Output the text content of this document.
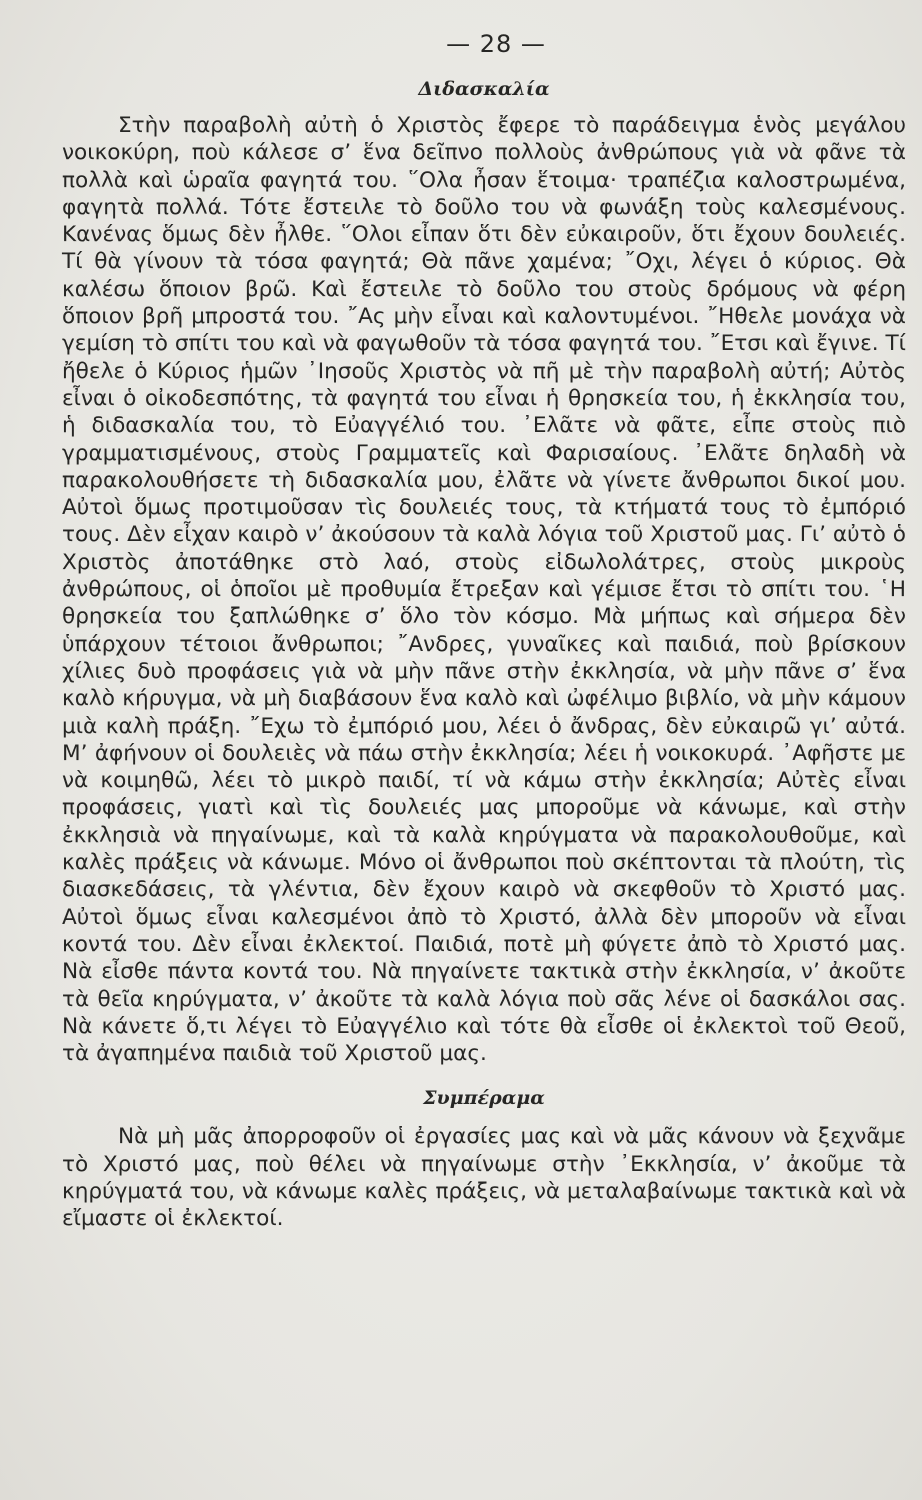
— 28 —
Διδασκαλία

Στὴν παραβολὴ αὐτὴ ὁ Χριστὸς ἔφερε τὸ παράδειγμα ἑνὸς μεγάλου νοικοκύρη, ποὺ κάλεσε σ’ ἕνα δεῖπνο πολλοὺς ἀνθρώπους γιὰ νὰ φᾶνε τὰ πολλὰ καὶ ὡραῖα φαγητά του. ῞Ολα ἦσαν ἕτοιμα· τραπέζια καλοστρωμένα, φαγητὰ πολλά. Τότε ἔστειλε τὸ δοῦλο του νὰ φωνάξη τοὺς καλεσμένους. Κανένας ὅμως δὲν ἦλθε. ῞Ολοι εἶπαν ὅτι δὲν εὐκαιροῦν, ὅτι ἔχουν δουλειές. Τί θὰ γίνουν τὰ τόσα φαγητά; Θὰ πᾶνε χαμένα; ῎Οχι, λέγει ὁ κύριος. Θὰ καλέσω ὅποιον βρῶ. Καὶ ἔστειλε τὸ δοῦλο του στοὺς δρόμους νὰ φέρη ὅποιον βρῆ μπροστά του. ῎Ας μὴν εἶναι καὶ καλοντυμένοι. ῎Ηθελε μονάχα νὰ γεμίση τὸ σπίτι του καὶ νὰ φαγωθοῦν τὰ τόσα φαγητά του. ῎Ετσι καὶ ἔγινε. Τί ἤθελε ὁ Κύριος ἡμῶν ᾿Ιησοῦς Χριστὸς νὰ πῆ μὲ τὴν παραβολὴ αὐτή; Αὐτὸς εἶναι ὁ οἰκοδεσπότης, τὰ φαγητά του εἶναι ἡ θρησκεία του, ἡ ἐκκλησία του, ἡ διδασκαλία του, τὸ Εὐαγγέλιό του. ᾿Ελᾶτε νὰ φᾶτε, εἶπε στοὺς πιὸ γραμματισμένους, στοὺς Γραμματεῖς καὶ Φαρισαίους. ᾿Ελᾶτε δηλαδὴ νὰ παρακολουθήσετε τὴ διδασκαλία μου, ἐλᾶτε νὰ γίνετε ἄνθρωποι δικοί μου. Αὐτοὶ ὅμως προτιμοῦσαν τὶς δουλειές τους, τὰ κτήματά τους τὸ ἐμπόριό τους. Δὲν εἶχαν καιρὸ ν’ ἀκούσουν τὰ καλὰ λόγια τοῦ Χριστοῦ μας. Γι’ αὐτὸ ὁ Χριστὸς ἀποτάθηκε στὸ λαό, στοὺς εἰδωλολάτρες, στοὺς μικροὺς ἀνθρώπους, οἱ ὁποῖοι μὲ προθυμία ἔτρεξαν καὶ γέμισε ἔτσι τὸ σπίτι του. ῾Η θρησκεία του ξαπλώθηκε σ’ ὅλο τὸν κόσμο. Μὰ μήπως καὶ σήμερα δὲν ὑπάρχουν τέτοιοι ἄνθρωποι; ῎Ανδρες, γυναῖκες καὶ παιδιά, ποὺ βρίσκουν χίλιες δυὸ προφάσεις γιὰ νὰ μὴν πᾶνε στὴν ἐκκλησία, νὰ μὴν πᾶνε σ’ ἕνα καλὸ κήρυγμα, νὰ μὴ διαβάσουν ἕνα καλὸ καὶ ὠφέλιμο βιβλίο, νὰ μὴν κάμουν μιὰ καλὴ πράξη. ῎Εχω τὸ ἐμπόριό μου, λέει ὁ ἄνδρας, δὲν εὐκαιρῶ γι’ αὐτά. Μ’ ἀφήνουν οἱ δουλειὲς νὰ πάω στὴν ἐκκλησία; λέει ἡ νοικοκυρά. ᾿Αφῆστε με νὰ κοιμηθῶ, λέει τὸ μικρὸ παιδί, τί νὰ κάμω στὴν ἐκκλησία; Αὐτὲς εἶναι προφάσεις, γιατὶ καὶ τὶς δουλειές μας μποροῦμε νὰ κάνωμε, καὶ στὴν ἐκκλησιὰ νὰ πηγαίνωμε, καὶ τὰ καλὰ κηρύγματα νὰ παρακολουθοῦμε, καὶ καλὲς πράξεις νὰ κάνωμε. Μόνο οἱ ἄνθρωποι ποὺ σκέπτονται τὰ πλούτη, τὶς διασκεδάσεις, τὰ γλέντια, δὲν ἔχουν καιρὸ νὰ σκεφθοῦν τὸ Χριστό μας. Αὐτοὶ ὅμως εἶναι καλεσμένοι ἀπὸ τὸ Χριστό, ἀλλὰ δὲν μποροῦν νὰ εἶναι κοντά του. Δὲν εἶναι ἐκλεκτοί. Παιδιά, ποτὲ μὴ φύγετε ἀπὸ τὸ Χριστό μας. Νὰ εἶσθε πάντα κοντά του. Νὰ πηγαίνετε τακτικὰ στὴν ἐκκλησία, ν’ ἀκοῦτε τὰ θεῖα κηρύγματα, ν’ ἀκοῦτε τὰ καλὰ λόγια ποὺ σᾶς λένε οἱ δασκάλοι σας. Νὰ κάνετε ὅ,τι λέγει τὸ Εὐαγγέλιο καὶ τότε θὰ εἶσθε οἱ ἐκλεκτοὶ τοῦ Θεοῦ, τὰ ἀγαπημένα παιδιὰ τοῦ Χριστοῦ μας.

Συμπέραμα

Νὰ μὴ μᾶς ἀπορροφοῦν οἱ ἐργασίες μας καὶ νὰ μᾶς κάνουν νὰ ξεχνᾶμε τὸ Χριστό μας, ποὺ θέλει νὰ πηγαίνωμε στὴν ᾿Εκκλησία, ν’ ἀκοῦμε τὰ κηρύγματά του, νὰ κάνωμε καλὲς πράξεις, νὰ μεταλαβαίνωμε τακτικὰ καὶ νὰ εἴμαστε οἱ ἐκλεκτοί.
